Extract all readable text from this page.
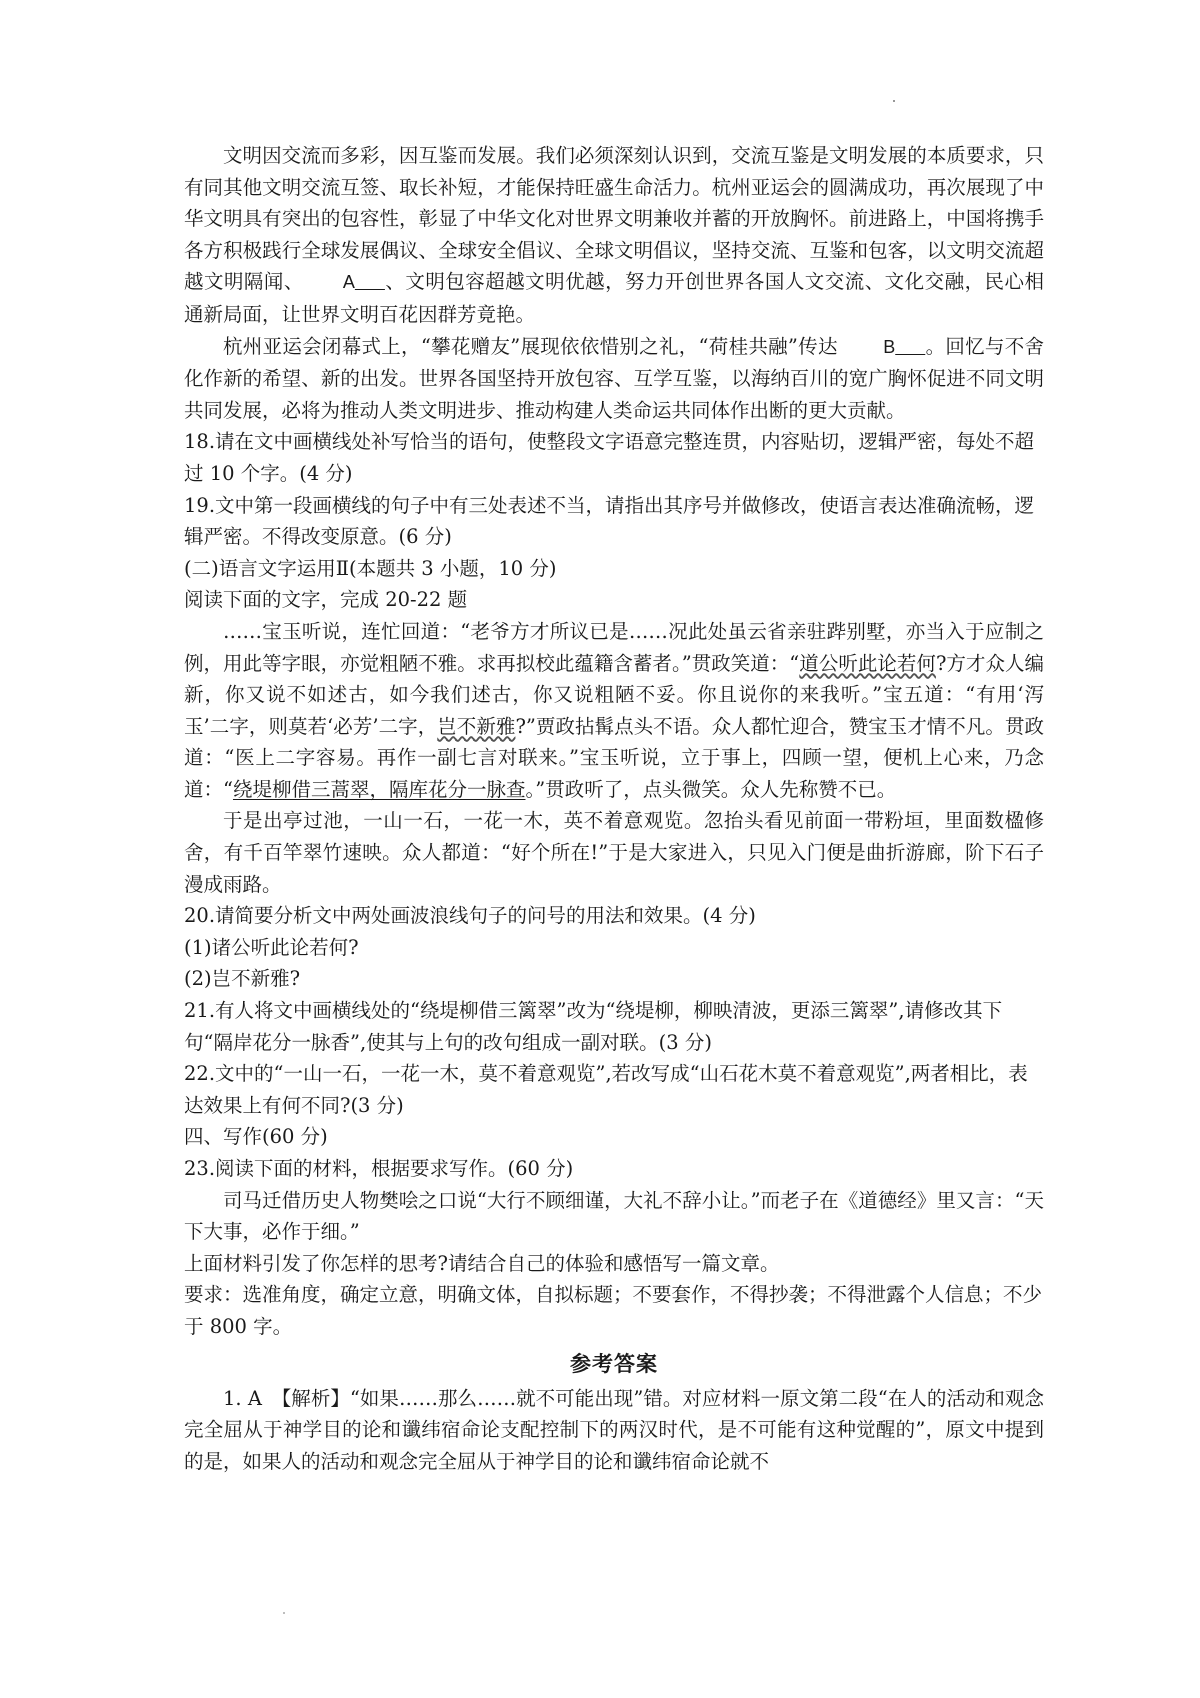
文明因交流而多彩，因互鉴而发展。我们必须深刻认识到，交流互鉴是文明发展的本质要求，只有同其他文明交流互签、取长补短，才能保持旺盛生命活力。杭州亚运会的圆满成功，再次展现了中华文明具有突出的包容性，彰显了中华文化对世界文明兼收并蓄的开放胸怀。前进路上，中国将携手各方积极践行全球发展偶议、全球安全倡议、全球文明倡议，坚持交流、互鉴和包客，以文明交流超越文明隔闻、 A    、文明包容超越文明优越，努力开创世界各国人文交流、文化交融，民心相通新局面，让世界文明百花因群芳竟艳。

杭州亚运会闭幕式上，“攀花赠友”展现依依惜别之礼，“荷桂共融”传达 B    。回忆与不舍化作新的希望、新的出发。世界各国坚持开放包容、互学互鉴，以海纳百川的宽广胸怀促进不同文明共同发展，必将为推动人类文明进步、推动构建人类命运共同体作出断的更大贡献。

18.请在文中画横线处补写恰当的语句，使整段文字语意完整连贯，内容贴切，逻辑严密，每处不超过 10 个字。(4 分)

19.文中第一段画横线的句子中有三处表述不当，请指出其序号并做修改，使语言表达准确流畅，逻辑严密。不得改变原意。(6 分)

(二)语言文字运用Ⅱ(本题共 3 小题，10 分)

阅读下面的文字，完成 20-22 题

……宝玉听说，连忙回道：“老爷方才所议已是……况此处虽云省亲驻跸别墅，亦当入于应制之例，用此等字眼，亦觉粗陋不雅。求再拟校此蕴籍含蓄者。”贯政笑道：“道公听此论若何?方才众人编新，你又说不如述古，如今我们述古，你又说粗陋不妥。你且说你的来我听。”宝五道：“有用‘泻玉’二字，则莫若‘必芳’二字，岂不新雅?”贾政拈髯点头不语。众人都忙迎合，赞宝玉才情不凡。贯政道：“医上二字容易。再作一副七言对联来。”宝玉听说，立于事上，四顾一望，便机上心来，乃念道：“绕堤柳借三蒿翠，隔库花分一脉查。”贯政听了，点头微笑。众人先称赞不已。

于是出亭过池，一山一石，一花一木，英不着意观览。忽抬头看见前面一带粉垣，里面数楹修舍，有千百竿翠竹速映。众人都道：“好个所在!”于是大家进入，只见入门便是曲折游廊，阶下石子漫成雨路。

20.请简要分析文中两处画波浪线句子的问号的用法和效果。(4 分)

(1)诸公听此论若何?

(2)岂不新雅?

21.有人将文中画横线处的“绕堤柳借三篱翠”改为“绕堤柳，柳映清波，更添三篱翠”,请修改其下句“隔岸花分一脉香”,使其与上句的改句组成一副对联。(3 分)

22.文中的“一山一石，一花一木，莫不着意观览”,若改写成“山石花木莫不着意观览”,两者相比，表达效果上有何不同?(3 分)

四、写作(60 分)

23.阅读下面的材料，根据要求写作。(60 分)

司马迁借历史人物樊哙之口说“大行不顾细谨，大礼不辞小让。”而老子在《道德经》里又言：“天下大事，必作于细。”

上面材料引发了你怎样的思考?请结合自己的体验和感悟写一篇文章。

要求：选准角度，确定立意，明确文体，自拟标题；不要套作，不得抄袭；不得泄露个人信息；不少于 800 字。

参考答案

1. A　【解析】“如果……那么……就不可能出现”错。对应材料一原文第二段“在人的活动和观念完全屈从于神学目的论和谶纬宿命论支配控制下的两汉时代，是不可能有这种觉醒的”，原文中提到的是，如果人的活动和观念完全屈从于神学目的论和谶纬宿命论就不
